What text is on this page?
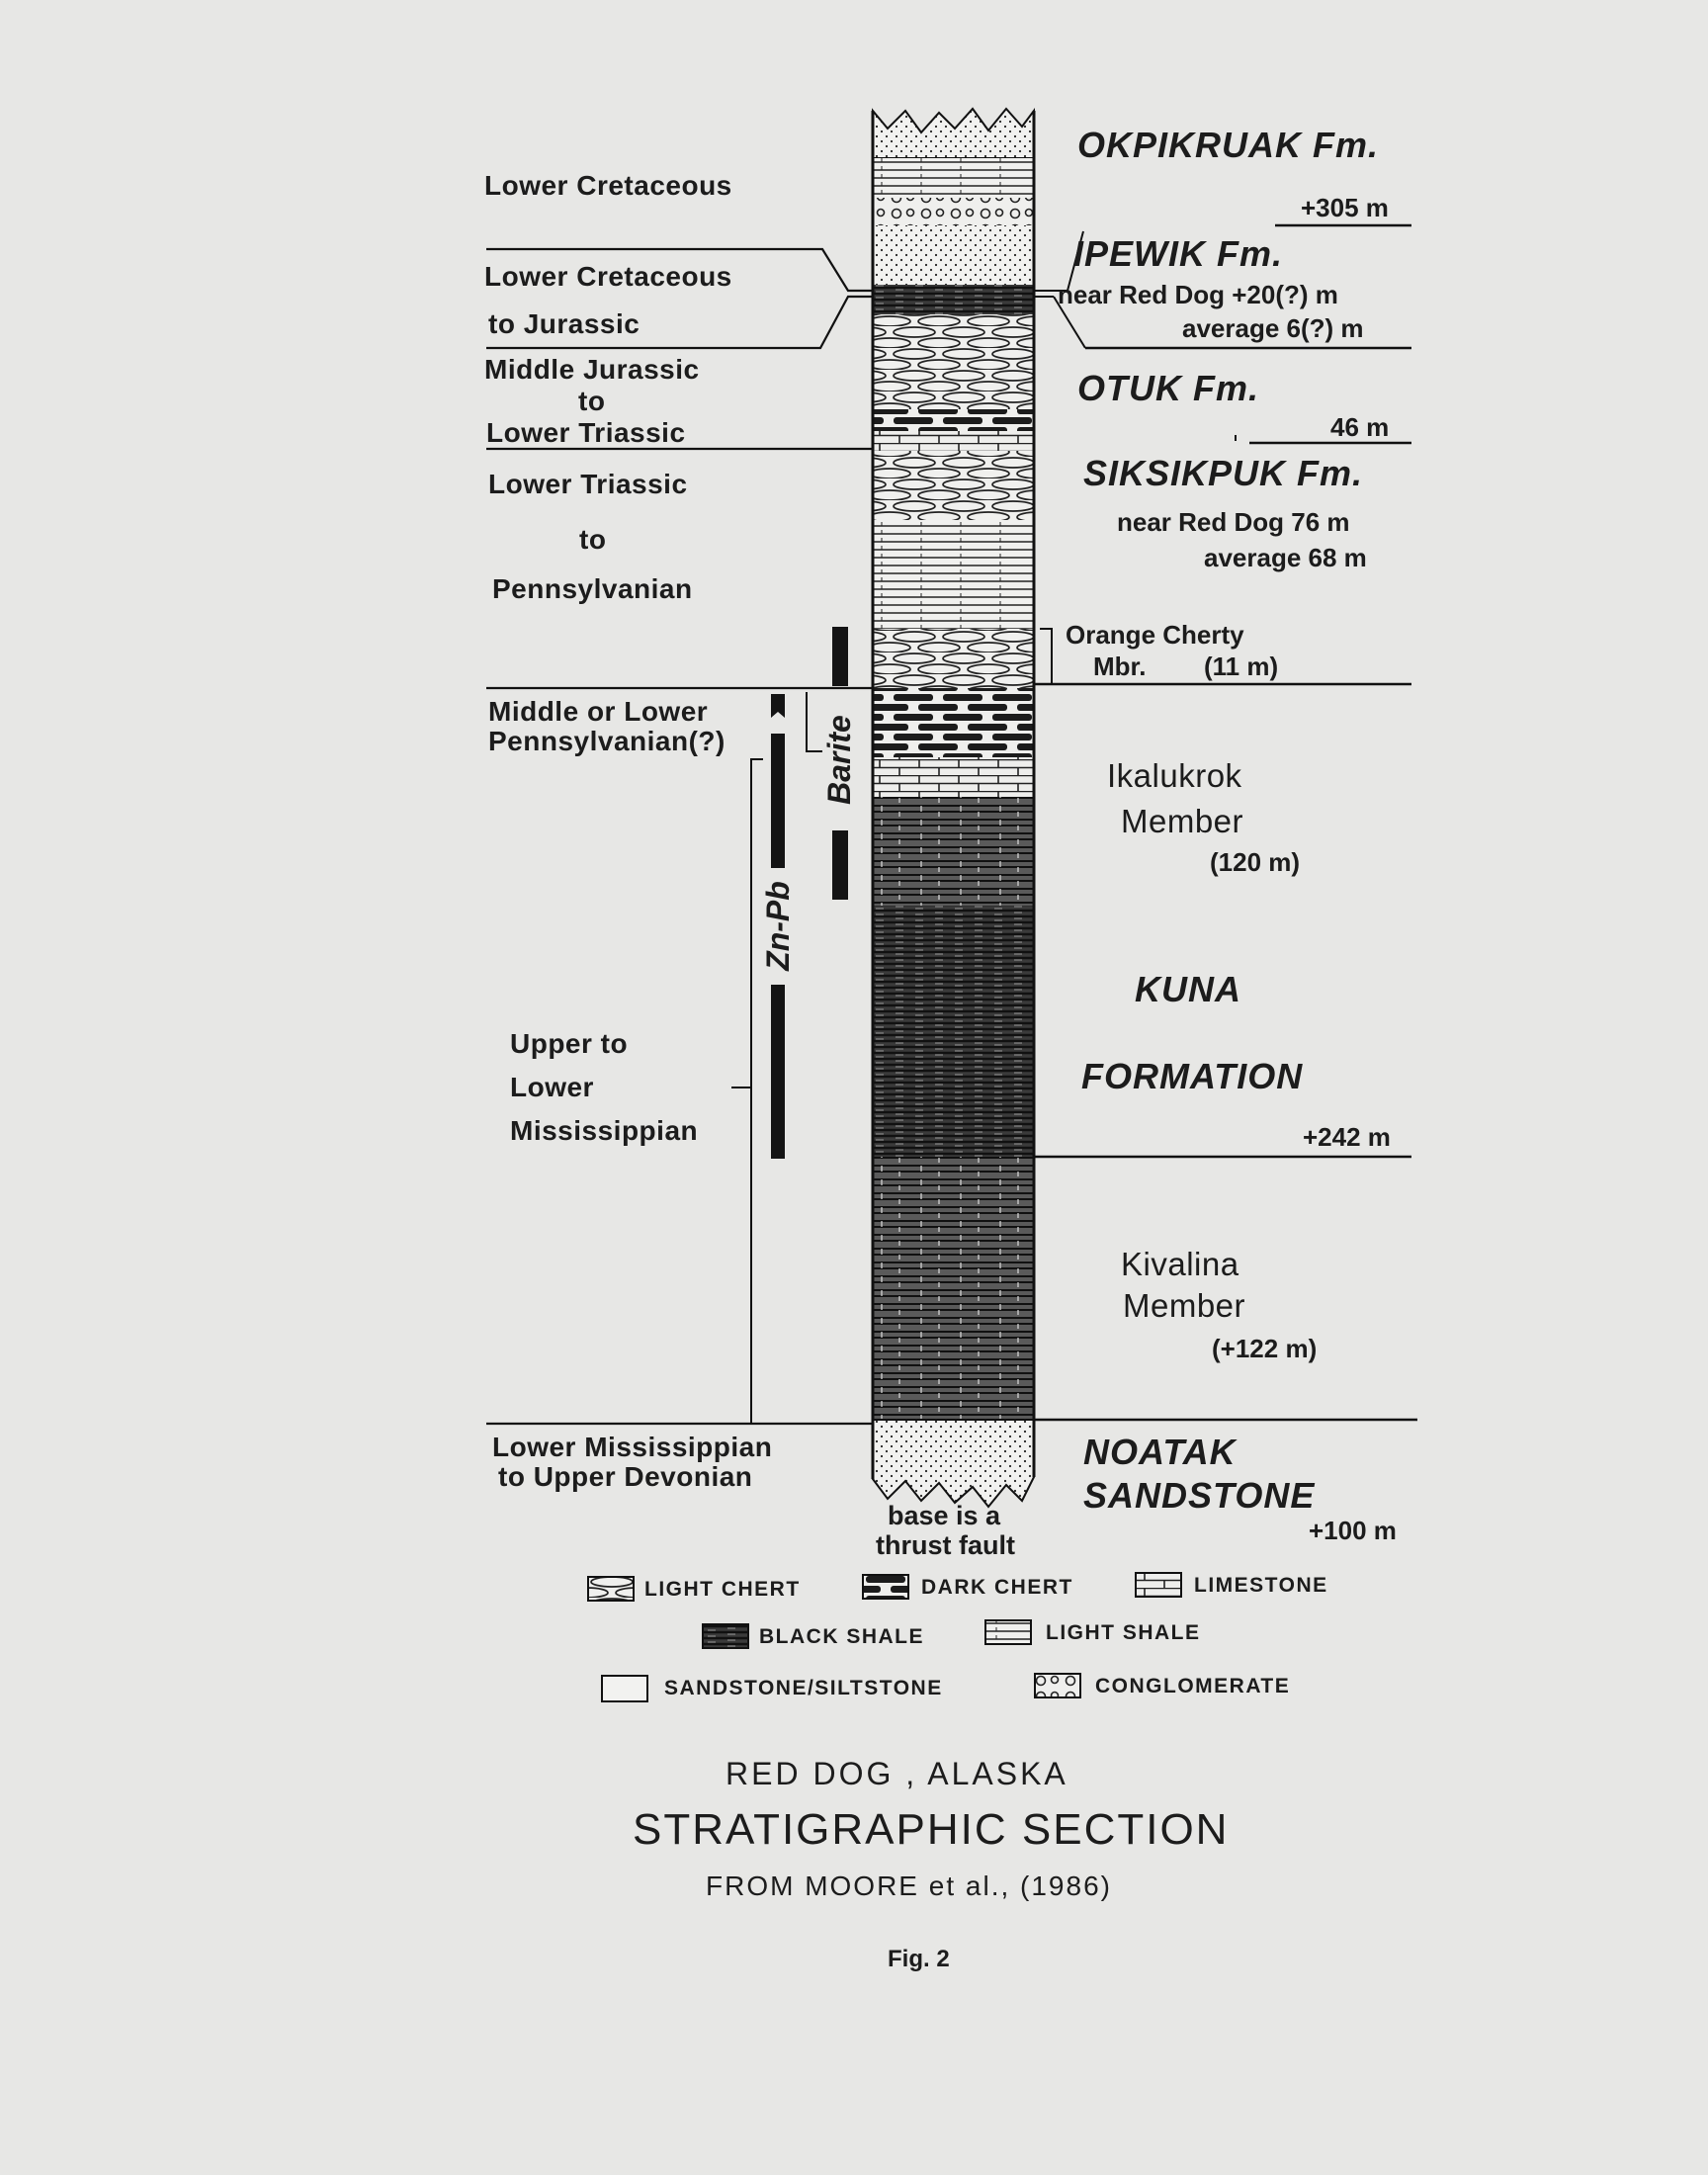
Lower Cretaceous
Lower Cretaceous
to Jurassic
Middle Jurassic
to
Lower Triassic
Lower Triassic
to
Pennsylvanian
Middle or Lower
Pennsylvanian(?)
Upper to
Lower
Mississippian
Lower Mississippian
to Upper Devonian
Zn-Pb
Barite
OKPIKRUAK Fm.
+305 m
IPEWIK Fm.
near Red Dog +20(?) m
average 6(?) m
OTUK Fm.
46 m
SIKSIKPUK Fm.
near Red Dog 76 m
average 68 m
Orange Cherty
Mbr. (11 m)
Ikalukrok
Member
(120 m)
KUNA
FORMATION
+242 m
Kivalina
Member
(+122 m)
NOATAK
SANDSTONE
+100 m
base is a
thrust fault
LIGHT CHERT	DARK CHERT	LIMESTONE
BLACK SHALE	LIGHT SHALE
SANDSTONE/SILTSTONE	CONGLOMERATE
RED DOG , ALASKA
STRATIGRAPHIC SECTION
FROM MOORE et al., (1986)
Fig. 2
